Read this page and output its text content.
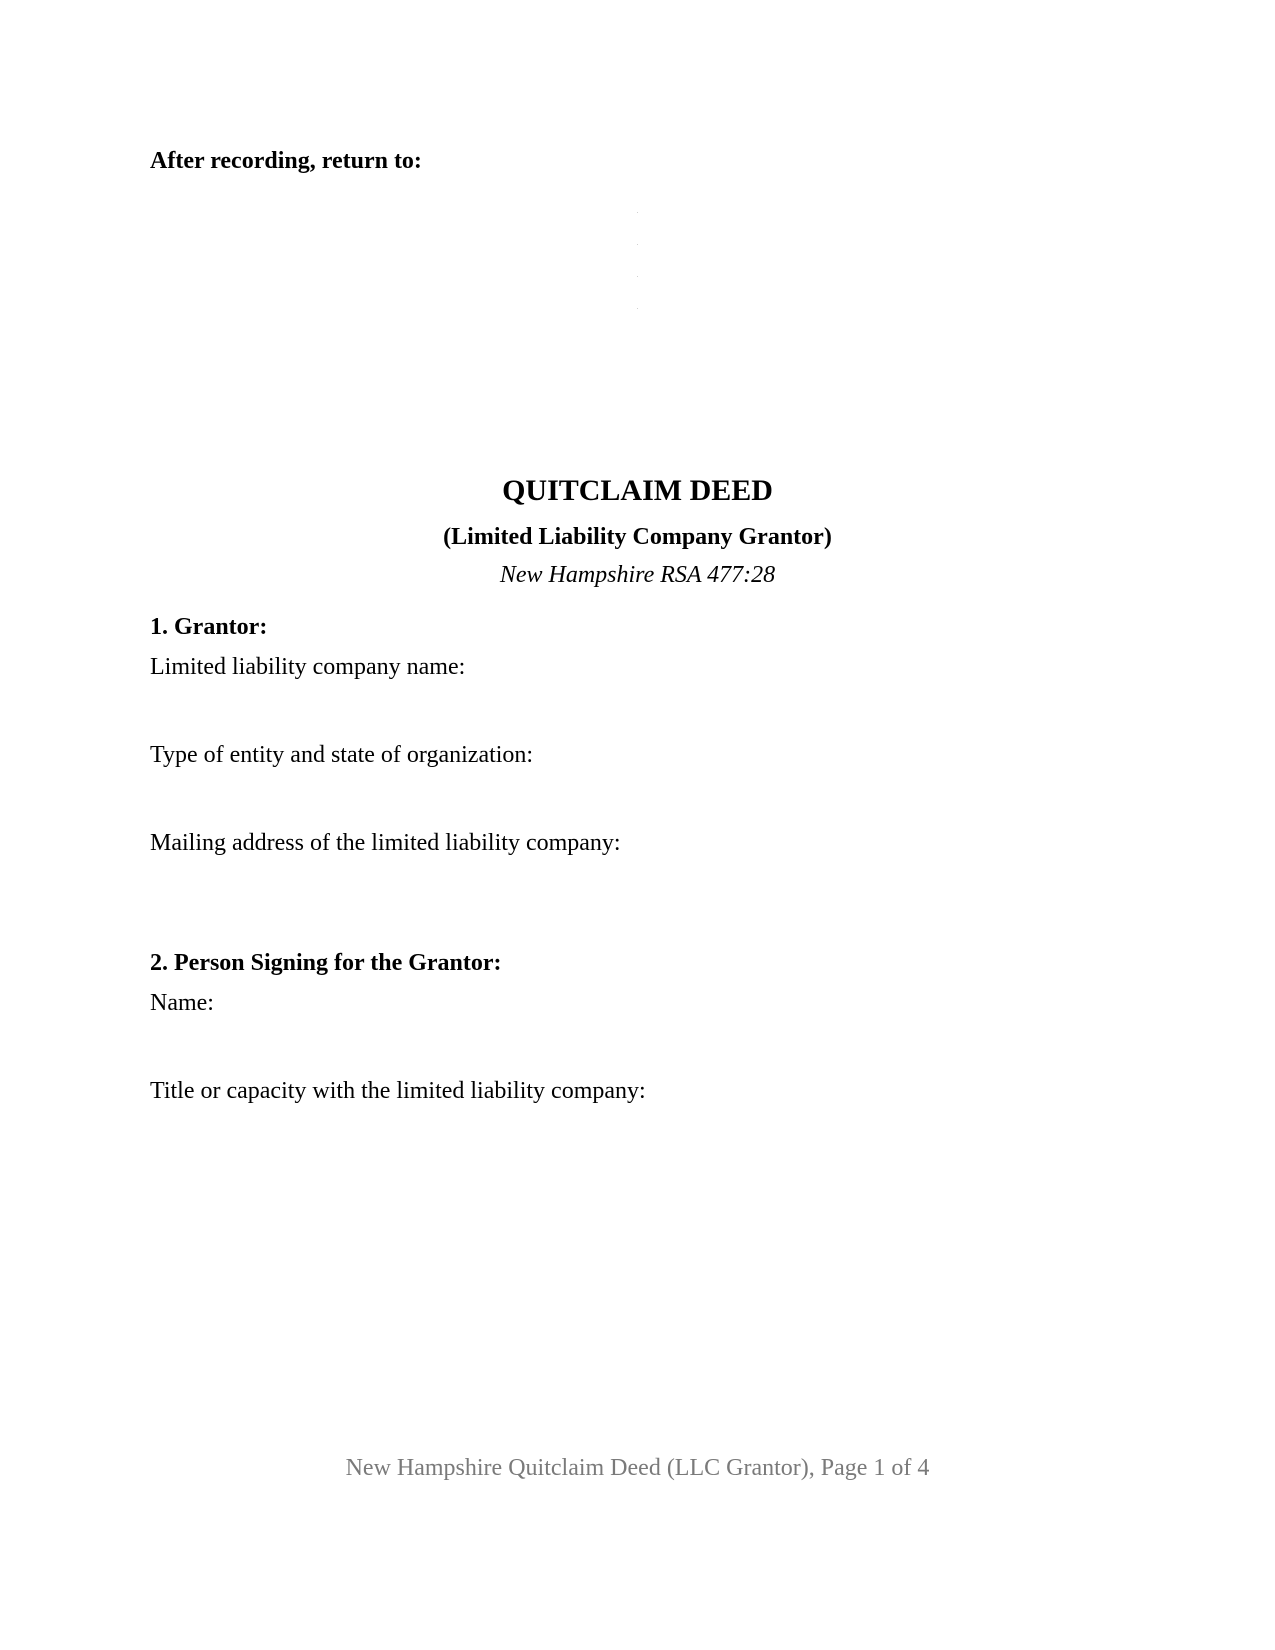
After recording, return to:
QUITCLAIM DEED
(Limited Liability Company Grantor)
New Hampshire RSA 477:28
1. Grantor:
Limited liability company name:
Type of entity and state of organization:
Mailing address of the limited liability company:
2. Person Signing for the Grantor:
Name:
Title or capacity with the limited liability company:
New Hampshire Quitclaim Deed (LLC Grantor), Page 1 of 4
